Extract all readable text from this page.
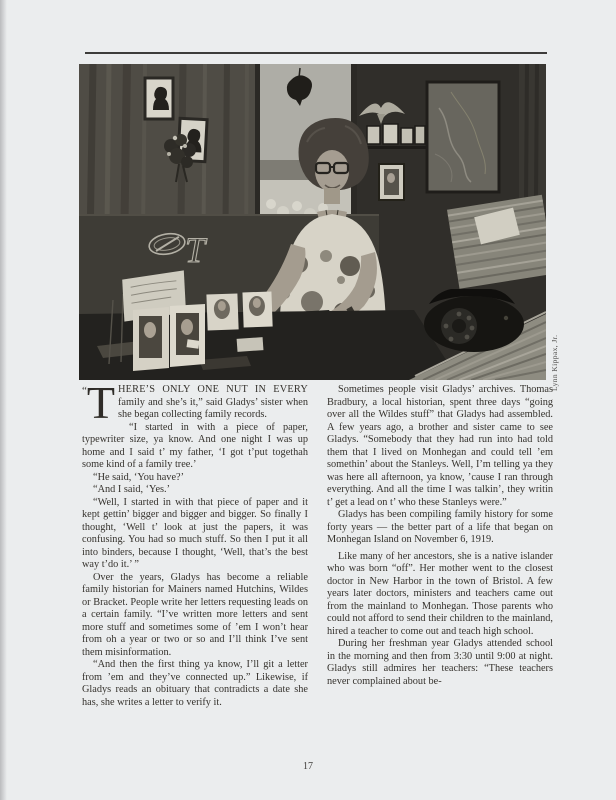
T
Lynn Kippax, Jr.

“T HERE’S ONLY ONE NUT IN EVERY family and she’s it,” said Gladys’ sister when she began collecting family records.

“I started in with a piece of paper, typewriter size, ya know. And one night I was up home and I said t’ my father, ‘I got t’put togethah some kind of a family tree.’

“He said, ‘You have?’

“And I said, ‘Yes.’

“Well, I started in with that piece of paper and it kept gettin’ bigger and bigger and bigger. So finally I thought, ‘Well t’ look at just the papers, it was confusing. You had so much stuff. So then I put it all into binders, because I thought, ‘Well, that’s the best way t’do it.’ ”

Over the years, Gladys has become a reliable family historian for Mainers named Hutchins, Wildes or Bracket. People write her letters requesting leads on a certain family. “I’ve written more letters and sent more stuff and sometimes some of ’em I won’t hear from oh a year or two or so and I’ll think I’ve sent them misinformation.

“And then the first thing ya know, I’ll git a letter from ’em and they’ve connected up.” Likewise, if Gladys reads an obituary that contradicts a date she has, she writes a letter to verify it.

Sometimes people visit Gladys’ archives. Thomas Bradbury, a local historian, spent three days “going over all the Wildes stuff” that Gladys had assembled. A few years ago, a brother and sister came to see Gladys. “Somebody that they had run into had told them that I lived on Monhegan and could tell ’em somethin’ about the Stanleys. Well, I’m telling ya they was here all afternoon, ya know, ’cause I ran through everything. And all the time I was talkin’, they writin t’ get a lead on t’ who these Stanleys were.”

Gladys has been compiling family history for some forty years — the better part of a life that began on Monhegan Island on November 6, 1919.

Like many of her ancestors, she is a native islander who was born “off”. Her mother went to the closest doctor in New Harbor in the town of Bristol. A few years later doctors, ministers and teachers came out from the mainland to Monhegan. Those parents who could not afford to send their children to the mainland, hired a teacher to come out and teach high school.

During her freshman year Gladys attended school in the morning and then from 3:30 until 9:00 at night. Gladys still admires her teachers: “These teachers never complained about be-

17
